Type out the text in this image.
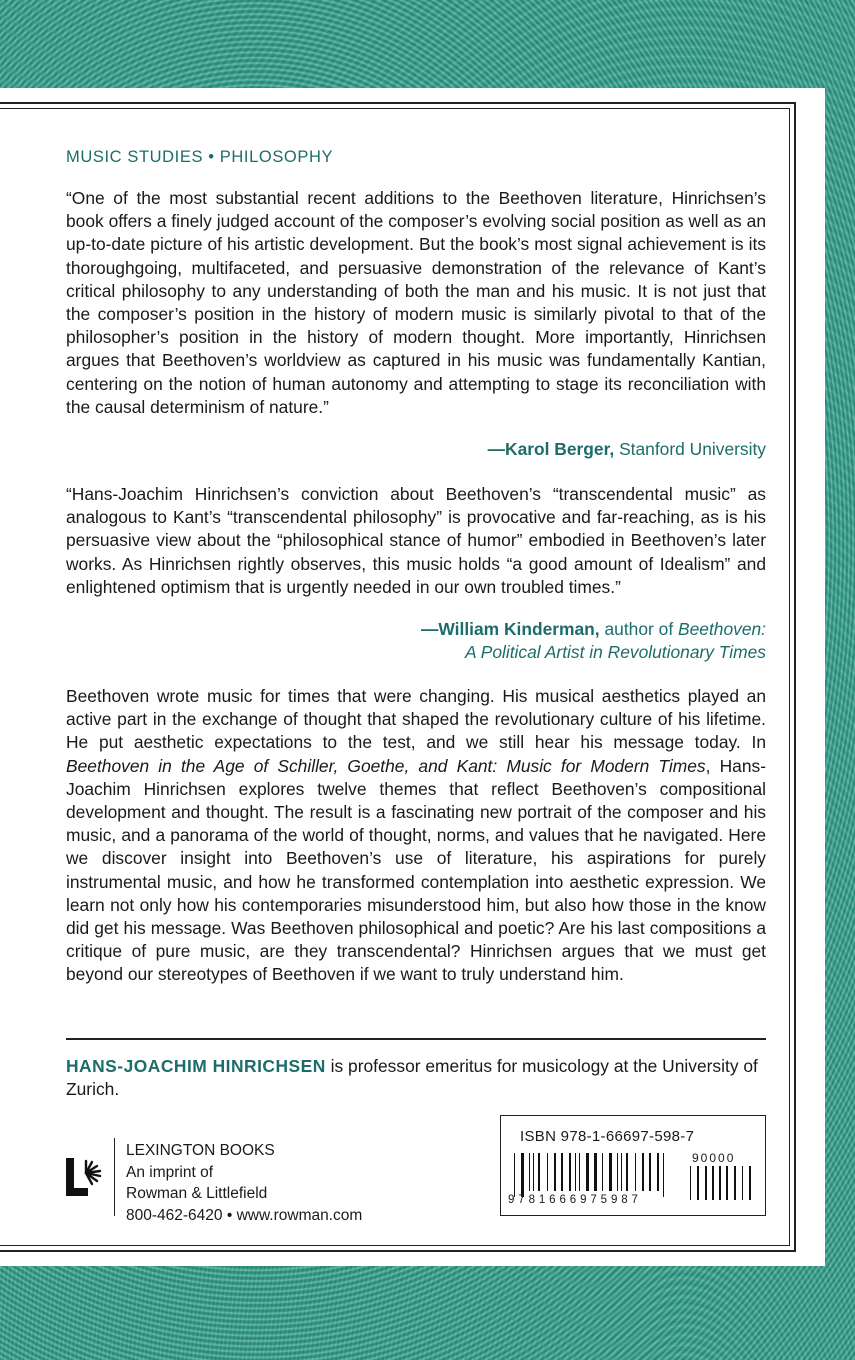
MUSIC STUDIES • PHILOSOPHY

“One of the most substantial recent additions to the Beethoven literature, Hinrichsen’s book offers a finely judged account of the composer’s evolving social position as well as an up-to-date picture of his artistic development. But the book’s most signal achievement is its thoroughgoing, multifaceted, and persuasive demonstration of the relevance of Kant’s critical philosophy to any understanding of both the man and his music. It is not just that the composer’s position in the history of modern music is similarly pivotal to that of the philosopher’s position in the history of modern thought. More importantly, Hinrichsen argues that Beethoven’s worldview as captured in his music was fundamentally Kantian, centering on the notion of human autonomy and attempting to stage its reconciliation with the causal determinism of nature.”

—Karol Berger, Stanford University

“Hans-Joachim Hinrichsen’s conviction about Beethoven’s “transcendental music” as analogous to Kant’s “transcendental philosophy” is provocative and far-reaching, as is his persuasive view about the “philosophical stance of humor” embodied in Beethoven’s later works. As Hinrichsen rightly observes, this music holds “a good amount of Idealism” and enlightened optimism that is urgently needed in our own troubled times.”

—William Kinderman, author of Beethoven:
A Political Artist in Revolutionary Times

Beethoven wrote music for times that were changing. His musical aesthetics played an active part in the exchange of thought that shaped the revolutionary culture of his lifetime. He put aesthetic expectations to the test, and we still hear his message today. In Beethoven in the Age of Schiller, Goethe, and Kant: Music for Modern Times, Hans-Joachim Hinrichsen explores twelve themes that reflect Beethoven’s compositional development and thought. The result is a fascinating new portrait of the composer and his music, and a panorama of the world of thought, norms, and values that he navigated. Here we discover insight into Beethoven’s use of literature, his aspirations for purely instrumental music, and how he transformed contemplation into aesthetic expression. We learn not only how his contemporaries misunderstood him, but also how those in the know did get his message. Was Beethoven philosophical and poetic? Are his last compositions a critique of pure music, are they transcendental? Hinrichsen argues that we must get beyond our stereotypes of Beethoven if we want to truly understand him.

HANS-JOACHIM HINRICHSEN is professor emeritus for musicology at the University of Zurich.

LEXINGTON BOOKS
An imprint of
Rowman & Littlefield
800-462-6420 • www.rowman.com
ISBN 978-1-66697-598-7
90000
9781666975987
